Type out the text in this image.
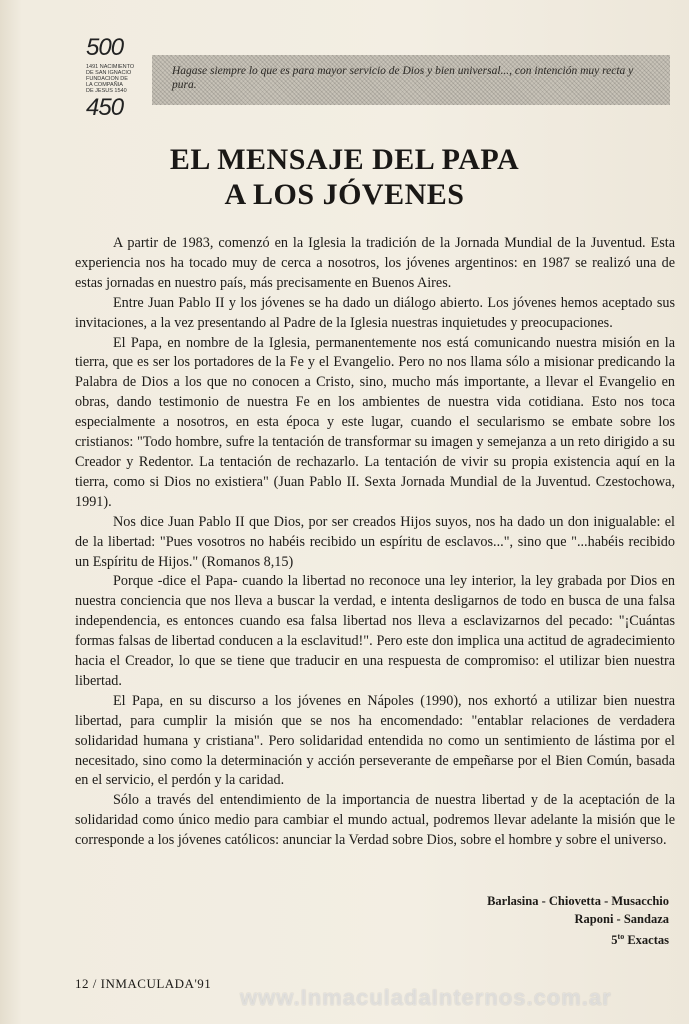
500
1491 NACIMIENTO
DE SAN IGNACIO
FUNDACION DE
LA COMPAÑIA
DE JESUS 1540
450
Hagase siempre lo que es para mayor servicio de Dios y bien universal..., con intención muy recta y pura.
EL MENSAJE DEL PAPA
A LOS JÓVENES

A partir de 1983, comenzó en la Iglesia la tradición de la Jornada Mundial de la Juventud. Esta experiencia nos ha tocado muy de cerca a nosotros, los jóvenes argentinos: en 1987 se realizó una de estas jornadas en nuestro país, más precisamente en Buenos Aires.

Entre Juan Pablo II y los jóvenes se ha dado un diálogo abierto. Los jóvenes hemos aceptado sus invitaciones, a la vez presentando al Padre de la Iglesia nuestras inquietudes y preocupaciones.

El Papa, en nombre de la Iglesia, permanentemente nos está comunicando nuestra misión en la tierra, que es ser los portadores de la Fe y el Evangelio. Pero no nos llama sólo a misionar predicando la Palabra de Dios a los que no conocen a Cristo, sino, mucho más importante, a llevar el Evangelio en obras, dando testimonio de nuestra Fe en los ambientes de nuestra vida cotidiana. Esto nos toca especialmente a nosotros, en esta época y este lugar, cuando el secularismo se embate sobre los cristianos: "Todo hombre, sufre la tentación de transformar su imagen y semejanza a un reto dirigido a su Creador y Redentor. La tentación de rechazarlo. La tentación de vivir su propia existencia aquí en la tierra, como si Dios no existiera" (Juan Pablo II. Sexta Jornada Mundial de la Juventud. Czestochowa, 1991).

Nos dice Juan Pablo II que Dios, por ser creados Hijos suyos, nos ha dado un don inigualable: el de la libertad: "Pues vosotros no habéis recibido un espíritu de esclavos...", sino que "...habéis recibido un Espíritu de Hijos." (Romanos 8,15)

Porque -dice el Papa- cuando la libertad no reconoce una ley interior, la ley grabada por Dios en nuestra conciencia que nos lleva a buscar la verdad, e intenta desligarnos de todo en busca de una falsa independencia, es entonces cuando esa falsa libertad nos lleva a esclavizarnos del pecado: "¡Cuántas formas falsas de libertad conducen a la esclavitud!". Pero este don implica una actitud de agradecimiento hacia el Creador, lo que se tiene que traducir en una respuesta de compromiso: el utilizar bien nuestra libertad.

El Papa, en su discurso a los jóvenes en Nápoles (1990), nos exhortó a utilizar bien nuestra libertad, para cumplir la misión que se nos ha encomendado: "entablar relaciones de verdadera solidaridad humana y cristiana". Pero solidaridad entendida no como un sentimiento de lástima por el necesitado, sino como la determinación y acción perseverante de empeñarse por el Bien Común, basada en el servicio, el perdón y la caridad.

Sólo a través del entendimiento de la importancia de nuestra libertad y de la aceptación de la solidaridad como único medio para cambiar el mundo actual, podremos llevar adelante la misión que le corresponde a los jóvenes católicos: anunciar la Verdad sobre Dios, sobre el hombre y sobre el universo.

Barlasina - Chiovetta - Musacchio
Raponi - Sandaza
$5^{to}$ Exactas
12 / INMACULADA'91
www.InmaculadaInternos.com.ar
